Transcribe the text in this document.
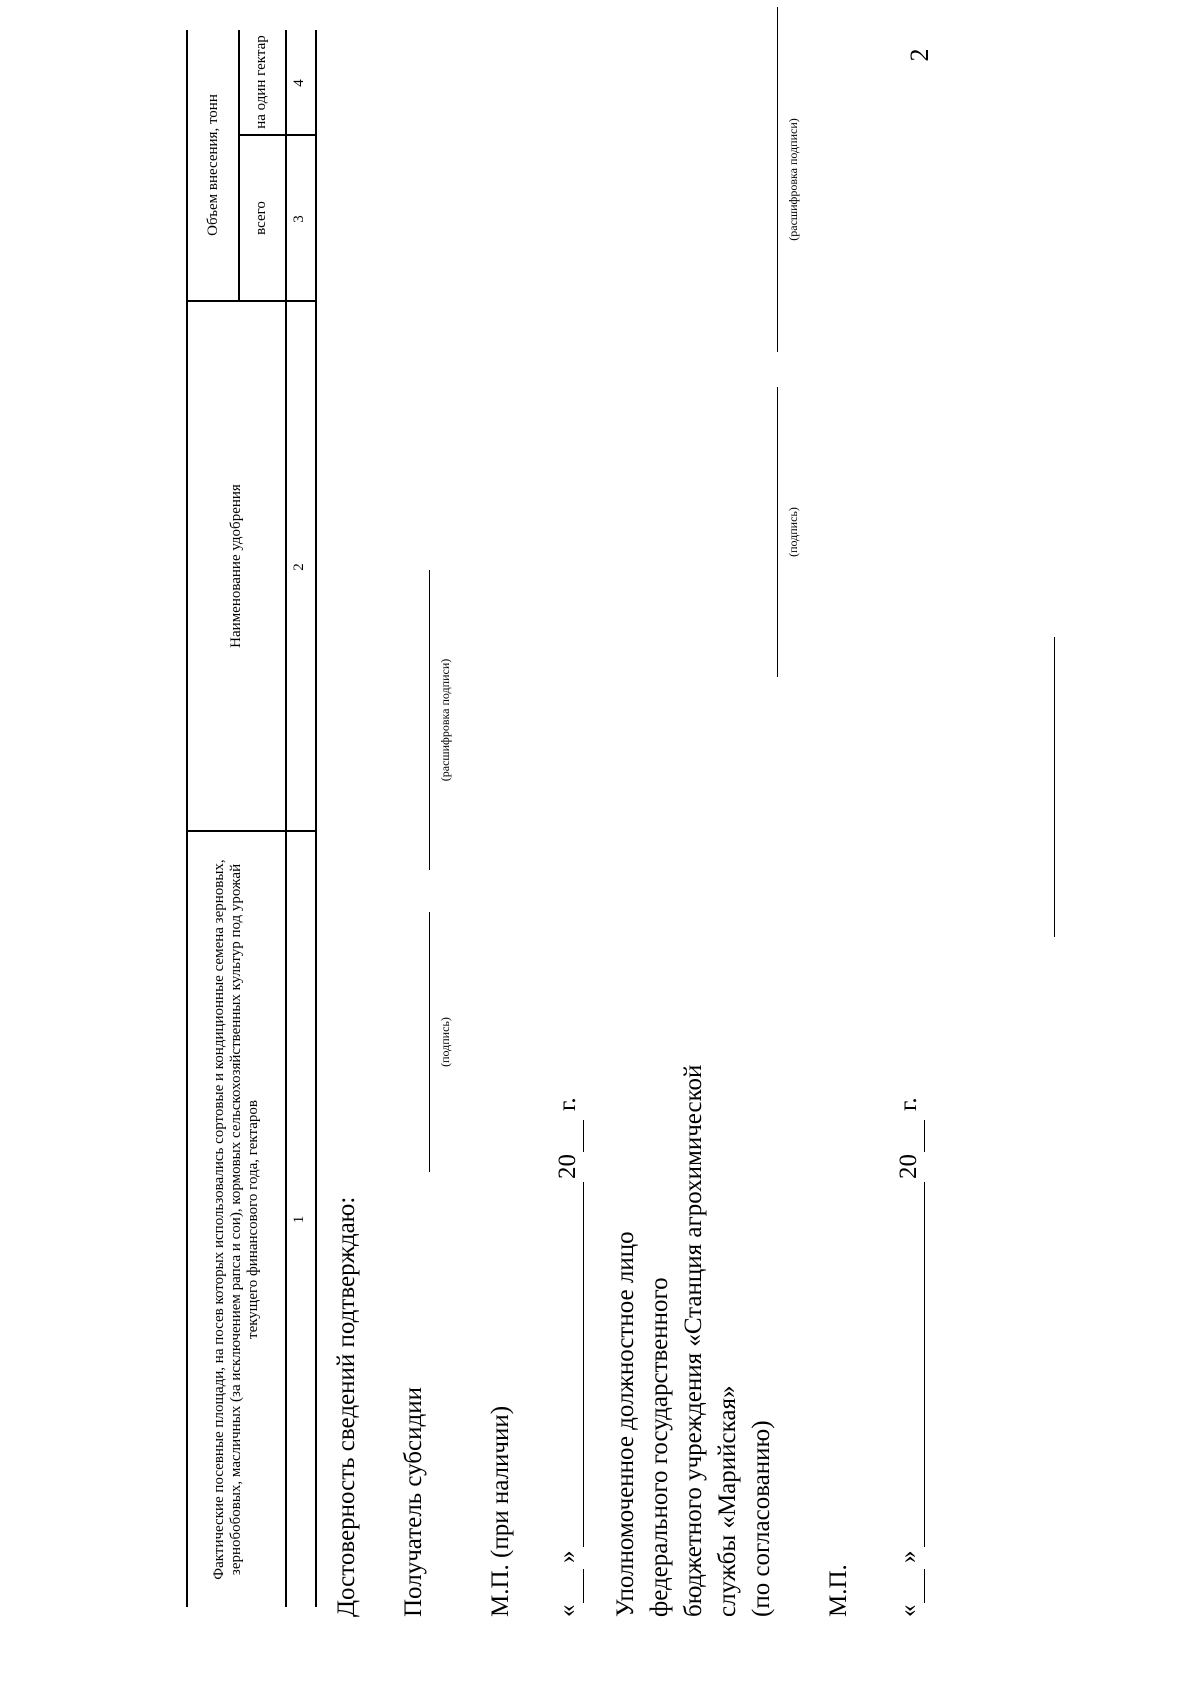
2
Фактические посевные площади, на посев которых использовались сортовые и кондиционные семена зерновых, зернобобовых, масличных (за исключением рапса и сои), кормовых сельскохозяйственных культур под урожай текущего финансового года, гектаров
Наименование удобрения
Объем внесения, тонн	всего
на один гектар
1
2
3
4
Достоверность сведений подтверждаю: Получатель субсидии
(подпись)
(расшифровка подписи)
М.П. (при наличии) «
»
20
г.
Уполномоченное должностное лицо федерального государственного бюджетного учреждения «Станция агрохимической службы «Марийская» (по согласованию)
(подпись)
(расшифровка подписи)
М.П. «
»
20
г.
